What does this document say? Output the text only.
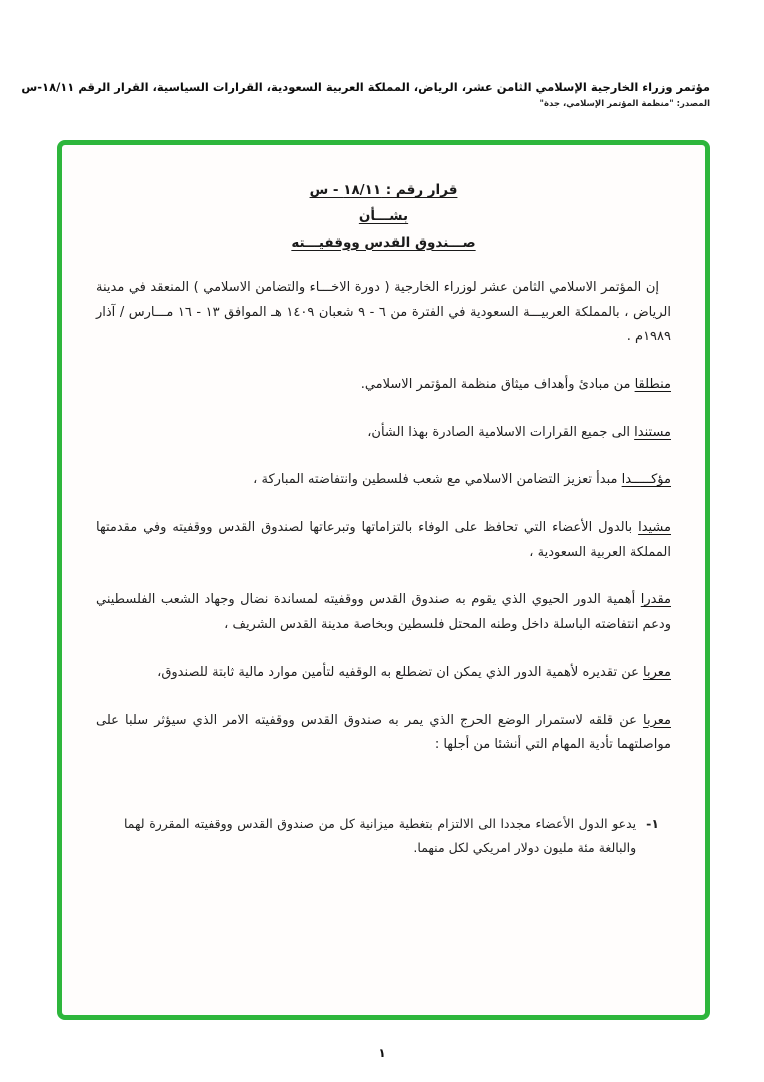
مؤتمر وزراء الخارجية الإسلامي الثامن عشر، الرياض، المملكة العربية السعودية، القرارات السياسية، القرار الرقم ١٨/١١-س
المصدر: "منظمة المؤتمر الإسلامي، جدة"
قرار رقم : ١٨/١١ - س
بشـــأن
صـــندوق القدس ووقفيـــته

إن المؤتمر الاسلامي الثامن عشر لوزراء الخارجية ( دورة الاخـــاء والتضامن الاسلامي ) المنعقد في مدينة الرياض ، بالمملكة العربيـــة السعودية في الفترة من ٦ - ٩ شعبان ١٤٠٩ هـ الموافق ١٣ - ١٦ مـــارس / آذار ١٩٨٩م .

منطلقا من مبادئ وأهداف ميثاق منظمة المؤتمر الاسلامي.

مستندا الى جميع القرارات الاسلامية الصادرة بهذا الشأن،

مؤكـــــدا مبدأ تعزيز التضامن الاسلامي مع شعب فلسطين وانتفاضته المباركة ،

مشيدا بالدول الأعضاء التي تحافظ على الوفاء بالتزاماتها وتبرعاتها لصندوق القدس ووقفيته وفي مقدمتها المملكة العربية السعودية ،

مقدرا أهمية الدور الحيوي الذي يقوم به صندوق القدس ووقفيته لمساندة نضال وجهاد الشعب الفلسطيني ودعم انتفاضته الباسلة داخل وطنه المحتل فلسطين وبخاصة مدينة القدس الشريف ،

معربا عن تقديره لأهمية الدور الذي يمكن ان تضطلع به الوقفيه لتأمين موارد مالية ثابتة للصندوق،

معربا عن قلقه لاستمرار الوضع الحرج الذي يمر به صندوق القدس ووقفيته الامر الذي سيؤثر سلبا على مواصلتهما تأدية المهام التي أنشئا من أجلها :

١-
يدعو الدول الأعضاء مجددا الى الالتزام بتغطية ميزانية كل من صندوق القدس ووقفيته المقررة لهما والبالغة مئة مليون دولار امريكي لكل منهما.
١
